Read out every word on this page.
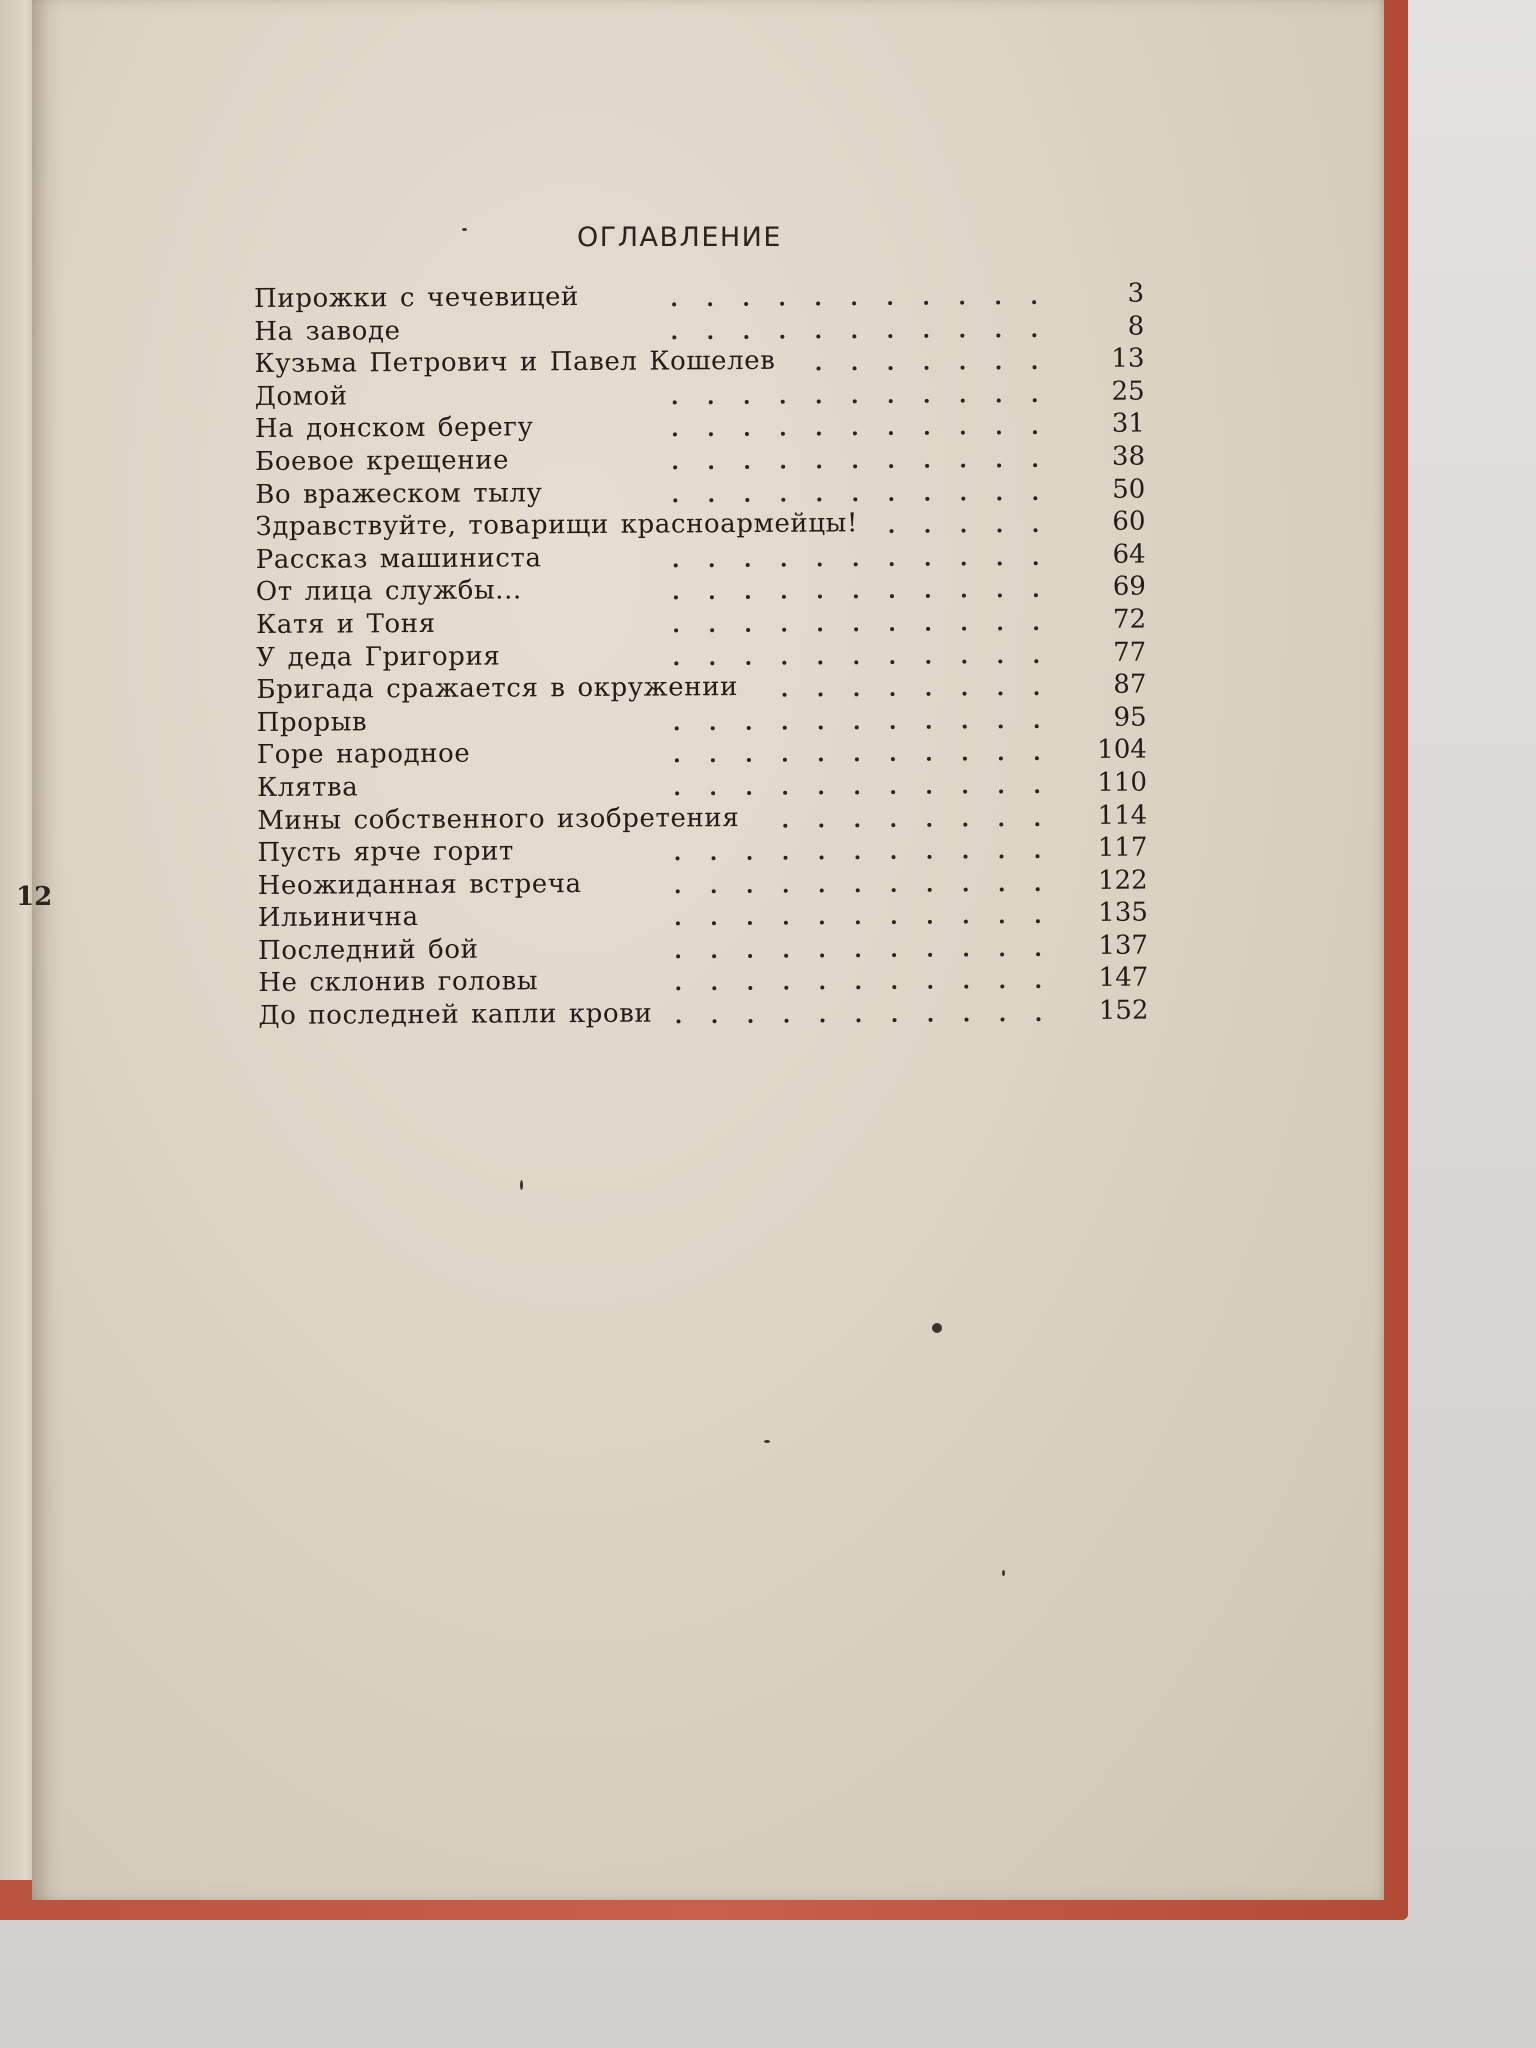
ОГЛАВЛЕНИЕ
Пирожки с чечевицей	3
На заводе	8
Кузьма Петрович и Павел Кошелев	13
Домой	25
На донском берегу	31
Боевое крещение	38
Во вражеском тылу	50
Здравствуйте, товарищи красноармейцы!	60
Рассказ машиниста	64
От лица службы...	69
Катя и Тоня	72
У деда Григория	77
Бригада сражается в окружении	87
Прорыв	95
Горе народное	104
Клятва	110
Мины собственного изобретения	114
Пусть ярче горит	117
Неожиданная встреча	122
Ильинична	135
Последний бой	137
Не склонив головы	147
До последней капли крови	152
12
